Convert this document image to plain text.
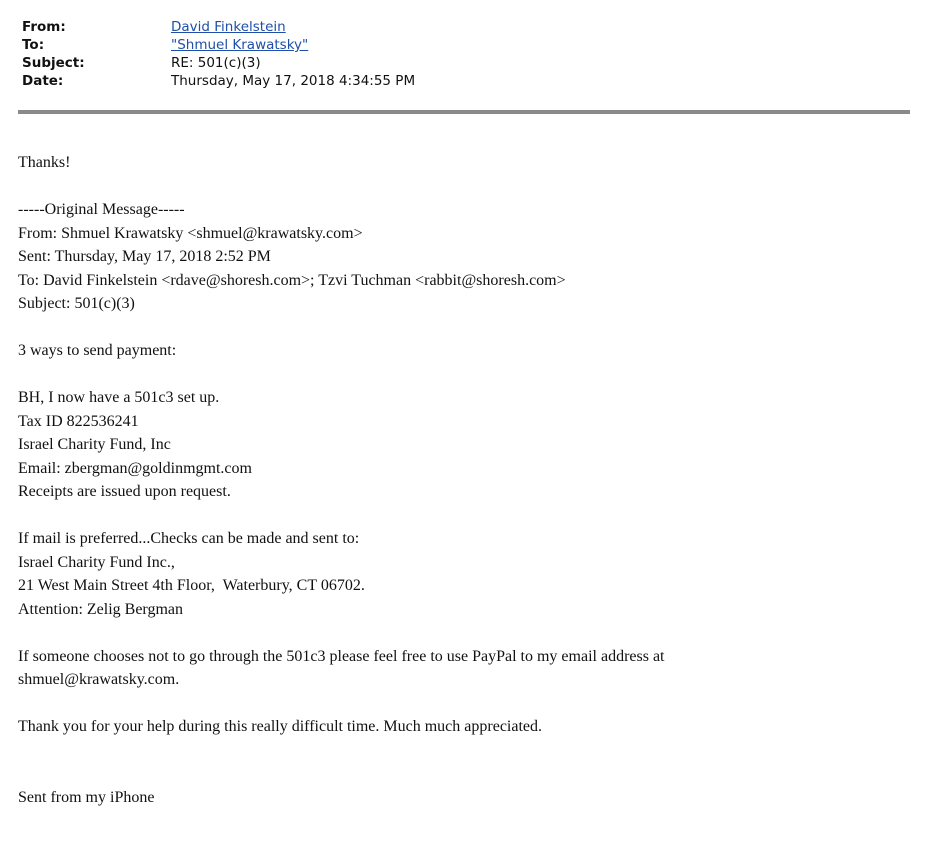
From:	David Finkelstein
To:	"Shmuel Krawatsky"
Subject:	RE: 501(c)(3)
Date:	Thursday, May 17, 2018 4:34:55 PM
Thanks!
-----Original Message-----
From: Shmuel Krawatsky <shmuel@krawatsky.com>
Sent: Thursday, May 17, 2018 2:52 PM
To: David Finkelstein <rdave@shoresh.com>; Tzvi Tuchman <rabbit@shoresh.com>
Subject: 501(c)(3)
3 ways to send payment:
BH, I now have a 501c3 set up.
Tax ID 822536241
Israel Charity Fund, Inc
Email: zbergman@goldinmgmt.com
Receipts are issued upon request.
If mail is preferred...Checks can be made and sent to:
Israel Charity Fund Inc.,
21 West Main Street 4th Floor,  Waterbury, CT 06702.
Attention: Zelig Bergman
If someone chooses not to go through the 501c3 please feel free to use PayPal to my email address at
shmuel@krawatsky.com.
Thank you for your help during this really difficult time. Much much appreciated.
Sent from my iPhone
